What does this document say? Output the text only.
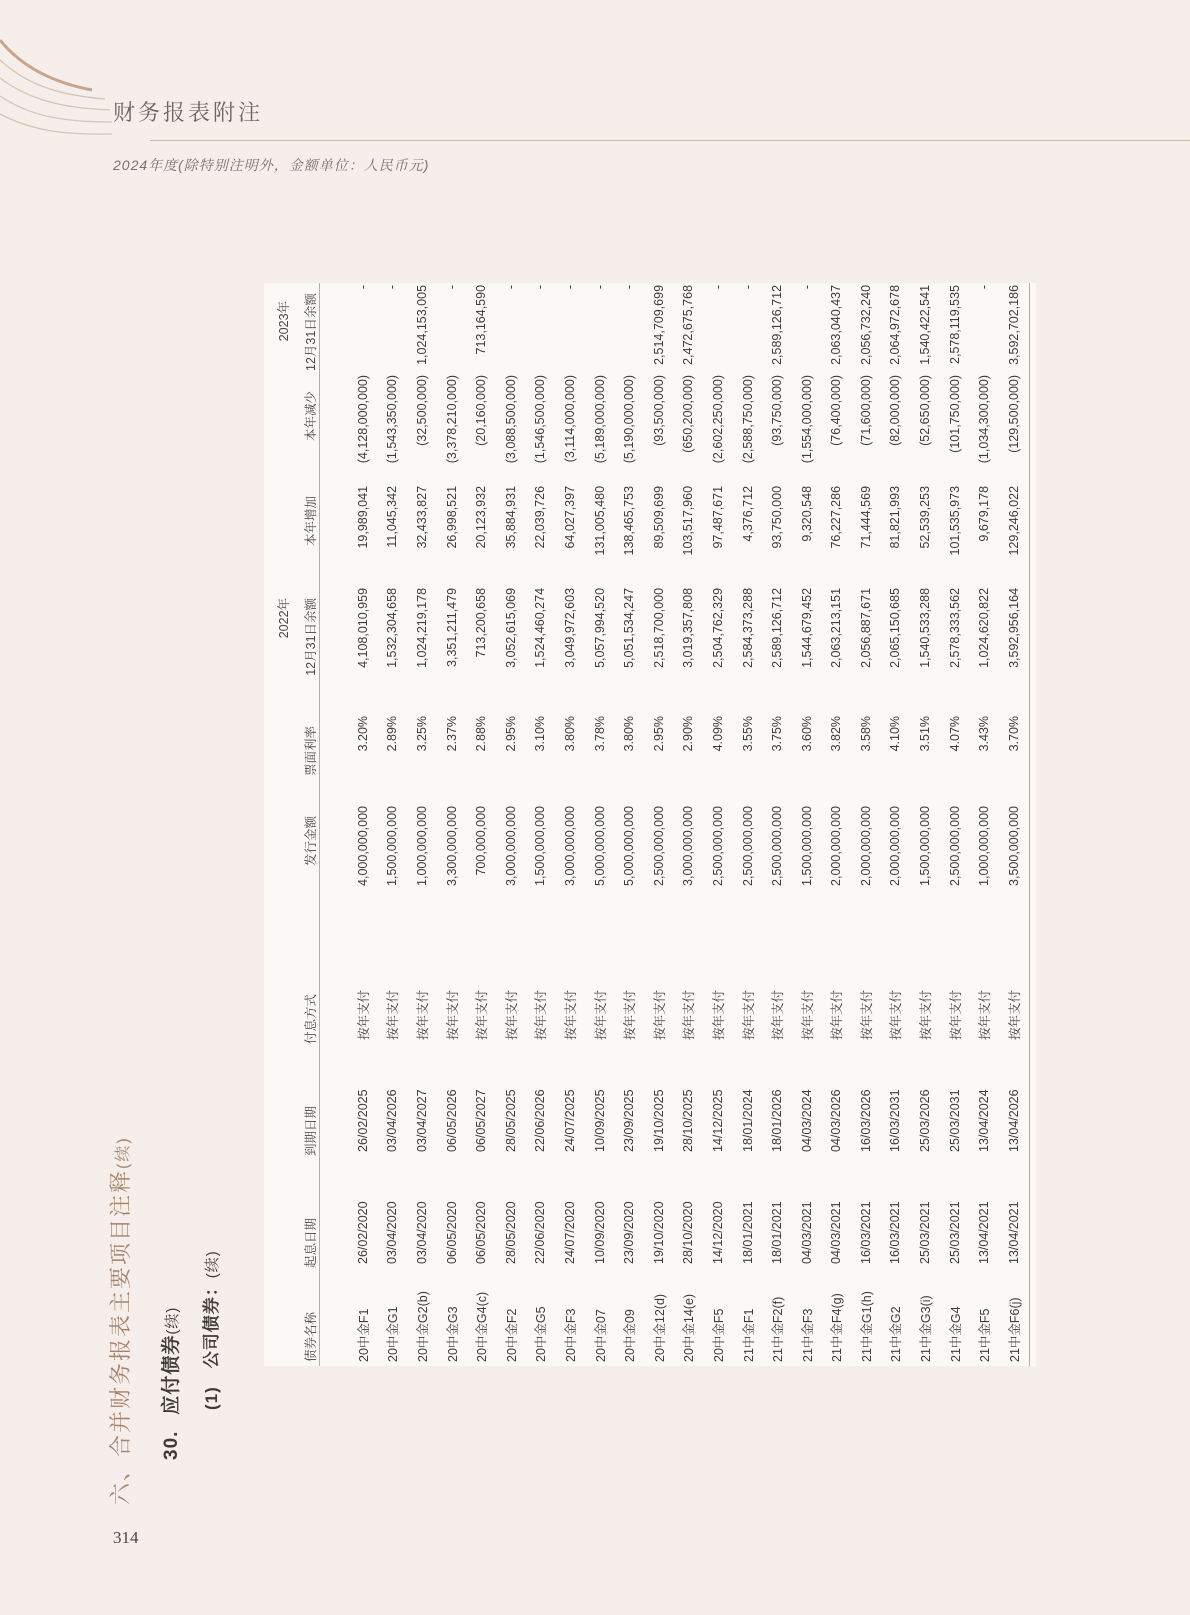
财务报表附注
2024年度(除特别注明外，金额单位：人民币元)
六、合并财务报表主要项目注释(续)
30.应付债券(续)
(1)公司债券：(续)
						2022年			2023年
债券名称	起息日期	到期日期	付息方式	发行金额	票面利率	12月31日余额	本年增加	本年减少	12月31日余额

20中金F1	26/02/2020	26/02/2025	按年支付	4,000,000,000	3.20%	4,108,010,959	19,989,041	(4,128,000,000)	-
20中金G1	03/04/2020	03/04/2026	按年支付	1,500,000,000	2.89%	1,532,304,658	11,045,342	(1,543,350,000)	-
20中金G2(b)	03/04/2020	03/04/2027	按年支付	1,000,000,000	3.25%	1,024,219,178	32,433,827	(32,500,000)	1,024,153,005
20中金G3	06/05/2020	06/05/2026	按年支付	3,300,000,000	2.37%	3,351,211,479	26,998,521	(3,378,210,000)	-
20中金G4(c)	06/05/2020	06/05/2027	按年支付	700,000,000	2.88%	713,200,658	20,123,932	(20,160,000)	713,164,590
20中金F2	28/05/2020	28/05/2025	按年支付	3,000,000,000	2.95%	3,052,615,069	35,884,931	(3,088,500,000)	-
20中金G5	22/06/2020	22/06/2026	按年支付	1,500,000,000	3.10%	1,524,460,274	22,039,726	(1,546,500,000)	-
20中金F3	24/07/2020	24/07/2025	按年支付	3,000,000,000	3.80%	3,049,972,603	64,027,397	(3,114,000,000)	-
20中金07	10/09/2020	10/09/2025	按年支付	5,000,000,000	3.78%	5,057,994,520	131,005,480	(5,189,000,000)	-
20中金09	23/09/2020	23/09/2025	按年支付	5,000,000,000	3.80%	5,051,534,247	138,465,753	(5,190,000,000)	-
20中金12(d)	19/10/2020	19/10/2025	按年支付	2,500,000,000	2.95%	2,518,700,000	89,509,699	(93,500,000)	2,514,709,699
20中金14(e)	28/10/2020	28/10/2025	按年支付	3,000,000,000	2.90%	3,019,357,808	103,517,960	(650,200,000)	2,472,675,768
20中金F5	14/12/2020	14/12/2025	按年支付	2,500,000,000	4.09%	2,504,762,329	97,487,671	(2,602,250,000)	-
21中金F1	18/01/2021	18/01/2024	按年支付	2,500,000,000	3.55%	2,584,373,288	4,376,712	(2,588,750,000)	-
21中金F2(f)	18/01/2021	18/01/2026	按年支付	2,500,000,000	3.75%	2,589,126,712	93,750,000	(93,750,000)	2,589,126,712
21中金F3	04/03/2021	04/03/2024	按年支付	1,500,000,000	3.60%	1,544,679,452	9,320,548	(1,554,000,000)	-
21中金F4(g)	04/03/2021	04/03/2026	按年支付	2,000,000,000	3.82%	2,063,213,151	76,227,286	(76,400,000)	2,063,040,437
21中金G1(h)	16/03/2021	16/03/2026	按年支付	2,000,000,000	3.58%	2,056,887,671	71,444,569	(71,600,000)	2,056,732,240
21中金G2	16/03/2021	16/03/2031	按年支付	2,000,000,000	4.10%	2,065,150,685	81,821,993	(82,000,000)	2,064,972,678
21中金G3(i)	25/03/2021	25/03/2026	按年支付	1,500,000,000	3.51%	1,540,533,288	52,539,253	(52,650,000)	1,540,422,541
21中金G4	25/03/2021	25/03/2031	按年支付	2,500,000,000	4.07%	2,578,333,562	101,535,973	(101,750,000)	2,578,119,535
21中金F5	13/04/2021	13/04/2024	按年支付	1,000,000,000	3.43%	1,024,620,822	9,679,178	(1,034,300,000)	-
21中金F6(j)	13/04/2021	13/04/2026	按年支付	3,500,000,000	3.70%	3,592,956,164	129,246,022	(129,500,000)	3,592,702,186
314
